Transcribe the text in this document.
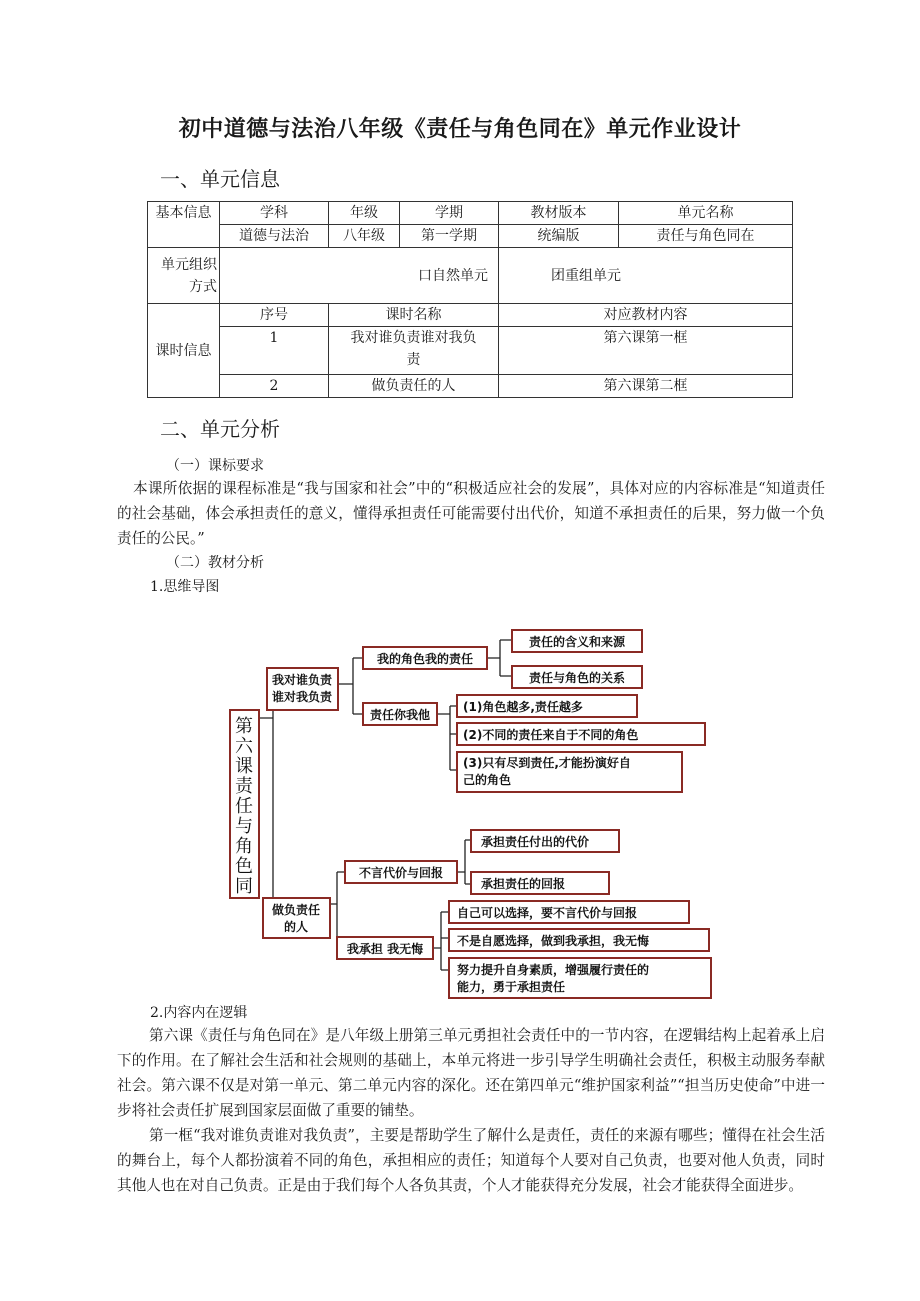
初中道德与法治八年级《责任与角色同在》单元作业设计
一、单元信息
基本信息	学科	年级	学期	教材版本	单元名称
	道德与法治	八年级	第一学期	统编版	责任与角色同在
单元组织方式	口自然单元			团重组单元	
课时信息	序号	课时名称		对应教材内容	
	1	我对谁负责谁对我负责		第六课第一框	
	2	做负责任的人		第六课第二框	
二、单元分析
（一）课标要求

本课所依据的课程标准是“我与国家和社会”中的“积极适应社会的发展”，具体对应的内容标准是“知道责任的社会基础，体会承担责任的意义，懂得承担责任可能需要付出代价，知道不承担责任的后果，努力做一个负责任的公民。”

（二）教材分析
1.思维导图
第
六
课
责
任
与
角
色
同
我对谁负责
谁对我负责
我的角色我的责任
责任的含义和来源
责任与角色的关系
责任你我他
(1)角色越多,责任越多
(2)不同的责任来自于不同的角色
(3)只有尽到责任,才能扮演好自
己的角色
做负责任
的人
不言代价与回报
承担责任付出的代价
承担责任的回报
我承担 我无悔
自己可以选择，要不言代价与回报
不是自愿选择，做到我承担，我无悔
努力提升自身素质，增强履行责任的
能力，勇于承担责任
2.内容内在逻辑

第六课《责任与角色同在》是八年级上册第三单元勇担社会责任中的一节内容，在逻辑结构上起着承上启下的作用。在了解社会生活和社会规则的基础上，本单元将进一步引导学生明确社会责任，积极主动服务奉献社会。第六课不仅是对第一单元、第二单元内容的深化。还在第四单元“维护国家利益”“担当历史使命”中进一步将社会责任扩展到国家层面做了重要的铺垫。

第一框“我对谁负责谁对我负责”，主要是帮助学生了解什么是责任，责任的来源有哪些；懂得在社会生活的舞台上，每个人都扮演着不同的角色，承担相应的责任；知道每个人要对自己负责，也要对他人负责，同时其他人也在对自己负责。正是由于我们每个人各负其责，个人才能获得充分发展，社会才能获得全面进步。
